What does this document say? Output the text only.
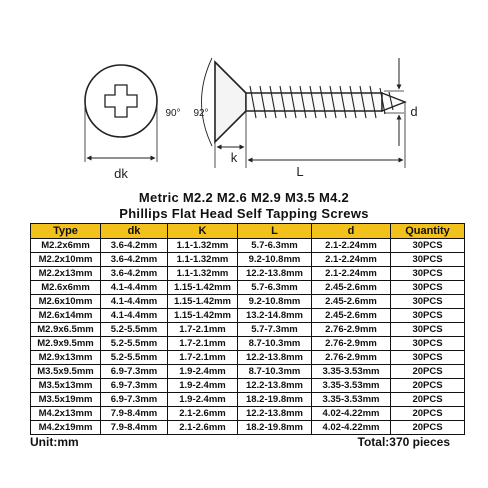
dk
90° 92°
k
L
d
Metric M2.2 M2.6 M2.9 M3.5 M4.2
Phillips Flat Head Self Tapping Screws
Type	dk	K	L	d	Quantity
M2.2x6mm	3.6-4.2mm	1.1-1.32mm	5.7-6.3mm	2.1-2.24mm	30PCS
M2.2x10mm	3.6-4.2mm	1.1-1.32mm	9.2-10.8mm	2.1-2.24mm	30PCS
M2.2x13mm	3.6-4.2mm	1.1-1.32mm	12.2-13.8mm	2.1-2.24mm	30PCS
M2.6x6mm	4.1-4.4mm	1.15-1.42mm	5.7-6.3mm	2.45-2.6mm	30PCS
M2.6x10mm	4.1-4.4mm	1.15-1.42mm	9.2-10.8mm	2.45-2.6mm	30PCS
M2.6x14mm	4.1-4.4mm	1.15-1.42mm	13.2-14.8mm	2.45-2.6mm	30PCS
M2.9x6.5mm	5.2-5.5mm	1.7-2.1mm	5.7-7.3mm	2.76-2.9mm	30PCS
M2.9x9.5mm	5.2-5.5mm	1.7-2.1mm	8.7-10.3mm	2.76-2.9mm	30PCS
M2.9x13mm	5.2-5.5mm	1.7-2.1mm	12.2-13.8mm	2.76-2.9mm	30PCS
M3.5x9.5mm	6.9-7.3mm	1.9-2.4mm	8.7-10.3mm	3.35-3.53mm	20PCS
M3.5x13mm	6.9-7.3mm	1.9-2.4mm	12.2-13.8mm	3.35-3.53mm	20PCS
M3.5x19mm	6.9-7.3mm	1.9-2.4mm	18.2-19.8mm	3.35-3.53mm	20PCS
M4.2x13mm	7.9-8.4mm	2.1-2.6mm	12.2-13.8mm	4.02-4.22mm	20PCS
M4.2x19mm	7.9-8.4mm	2.1-2.6mm	18.2-19.8mm	4.02-4.22mm	20PCS
Unit:mm	Total:370 pieces
